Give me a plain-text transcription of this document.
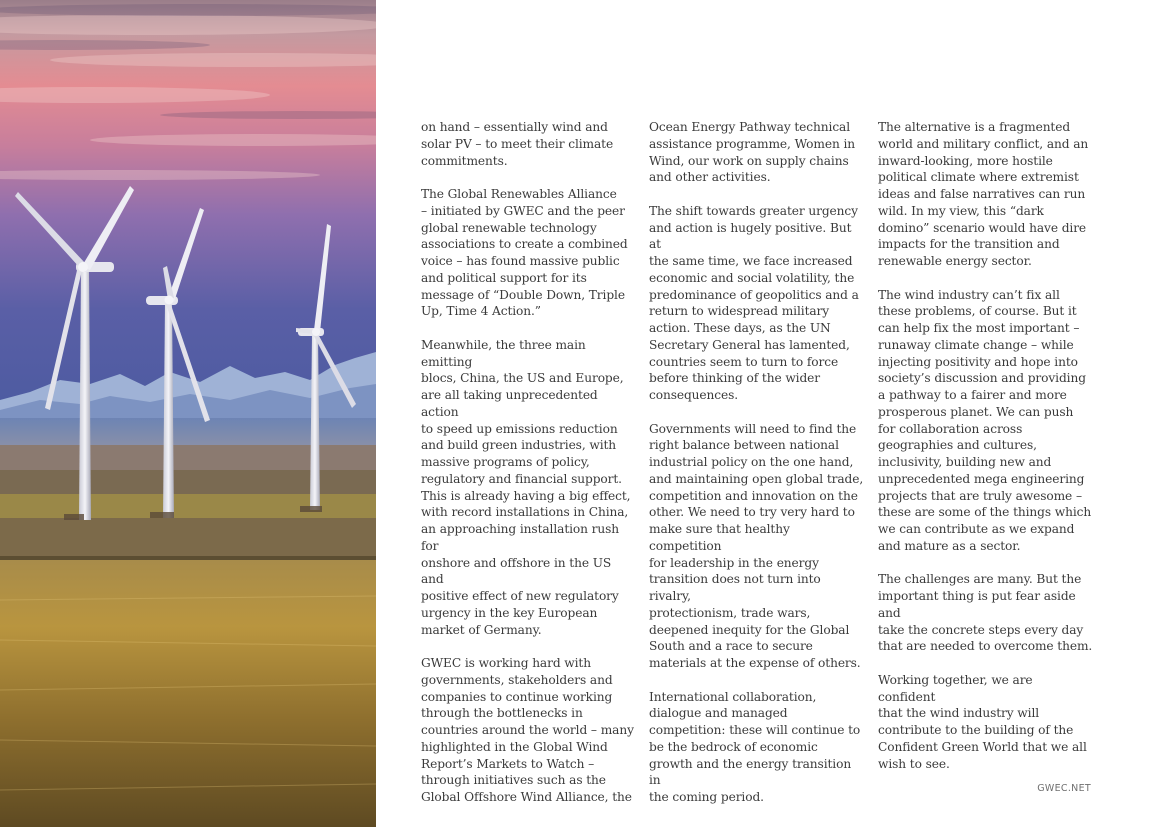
on hand – essentially wind and
solar PV – to meet their climate
commitments.

The Global Renewables Alliance
– initiated by GWEC and the peer
global renewable technology
associations to create a combined
voice – has found massive public
and political support for its
message of “Double Down, Triple
Up, Time 4 Action.”

Meanwhile, the three main emitting
blocs, China, the US and Europe,
are all taking unprecedented action
to speed up emissions reduction
and build green industries, with
massive programs of policy,
regulatory and financial support.
This is already having a big effect,
with record installations in China,
an approaching installation rush for
onshore and offshore in the US and
positive effect of new regulatory
urgency in the key European
market of Germany.

GWEC is working hard with
governments, stakeholders and
companies to continue working
through the bottlenecks in
countries around the world – many
highlighted in the Global Wind
Report’s Markets to Watch –
through initiatives such as the
Global Offshore Wind Alliance, the

Ocean Energy Pathway technical
assistance programme, Women in
Wind, our work on supply chains
and other activities.

The shift towards greater urgency
and action is hugely positive. But at
the same time, we face increased
economic and social volatility, the
predominance of geopolitics and a
return to widespread military
action. These days, as the UN
Secretary General has lamented,
countries seem to turn to force
before thinking of the wider
consequences.

Governments will need to find the
right balance between national
industrial policy on the one hand,
and maintaining open global trade,
competition and innovation on the
other. We need to try very hard to
make sure that healthy competition
for leadership in the energy
transition does not turn into rivalry,
protectionism, trade wars,
deepened inequity for the Global
South and a race to secure
materials at the expense of others.

International collaboration,
dialogue and managed
competition: these will continue to
be the bedrock of economic
growth and the energy transition in
the coming period.

The alternative is a fragmented
world and military conflict, and an
inward-looking, more hostile
political climate where extremist
ideas and false narratives can run
wild. In my view, this “dark
domino” scenario would have dire
impacts for the transition and
renewable energy sector.

The wind industry can’t fix all
these problems, of course. But it
can help fix the most important –
runaway climate change – while
injecting positivity and hope into
society’s discussion and providing
a pathway to a fairer and more
prosperous planet. We can push
for collaboration across
geographies and cultures,
inclusivity, building new and
unprecedented mega engineering
projects that are truly awesome –
these are some of the things which
we can contribute as we expand
and mature as a sector.

The challenges are many. But the
important thing is put fear aside and
take the concrete steps every day
that are needed to overcome them.

Working together, we are confident
that the wind industry will
contribute to the building of the
Confident Green World that we all
wish to see.

GWEC.NET
